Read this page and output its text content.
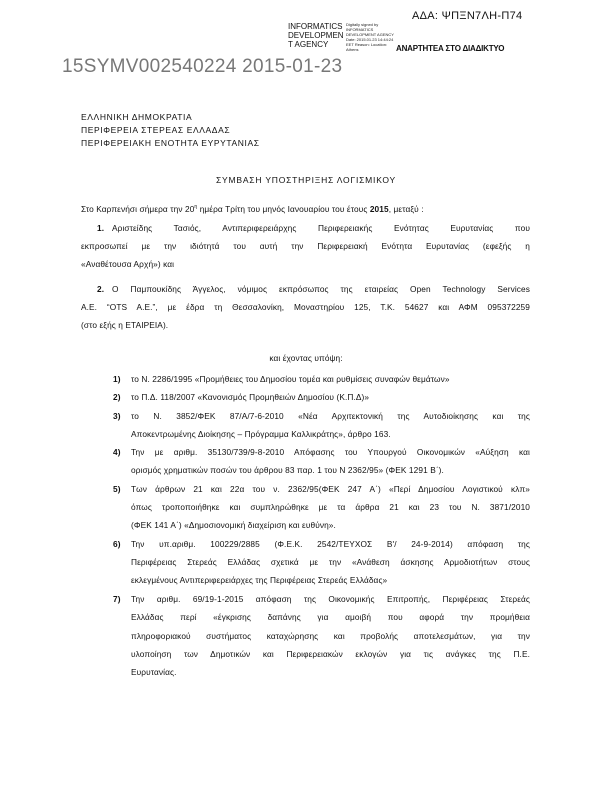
ΑΔΑ: ΨΠΞΝ7ΛΗ-Π74
INFORMATICS DEVELOPMEN T AGENCY
Digitally signed by INFORMATICS DEVELOPMENT AGENCY Date: 2015.01.23 14:44:24 EET Reason: Location: Athens	ΑΝΑΡΤΗΤΕΑ ΣΤΟ ΔΙΑΔΙΚΤΥΟ
15SYMV002540224 2015-01-23
ΕΛΛΗΝΙΚΗ ΔΗΜΟΚΡΑΤΙΑ
ΠΕΡΙΦΕΡΕΙΑ ΣΤΕΡΕΑΣ ΕΛΛΑΔΑΣ
ΠΕΡΙΦΕΡΕΙΑΚΗ ΕΝΟΤΗΤΑ ΕΥΡΥΤΑΝΙΑΣ
ΣΥΜΒΑΣΗ ΥΠΟΣΤΗΡΙΞΗΣ ΛΟΓΙΣΜΙΚΟΥ
Στο Καρπενήσι σήμερα την $20^\eta$ ημέρα Τρίτη του μηνός Ιανουαρίου του έτους 2015, μεταξύ :
και έχοντας υπόψη:
1. Αριστείδης Τασιός, Αντιπεριφερειάρχης Περιφερειακής Ενότητας Ευρυτανίας που
εκπροσωπεί με την ιδιότητά του αυτή την Περιφερειακή Ενότητα Ευρυτανίας (εφεξής η
«Αναθέτουσα Αρχή») και
2. Ο Παμπουκίδης Άγγελος, νόμιμος εκπρόσωπος της εταιρείας Open Technology Services
A.E. “OTS A.E.”, με έδρα τη Θεσσαλονίκη, Μοναστηρίου 125, Τ.Κ. 54627 και ΑΦΜ 095372259
(στο εξής η ΕΤΑΙΡΕΙΑ).
1) το Ν. 2286/1995 «Προμήθειες του Δημοσίου τομέα και ρυθμίσεις συναφών θεμάτων»
2) το Π.Δ. 118/2007 «Κανονισμός Προμηθειών Δημοσίου (Κ.Π.Δ)»
3) το Ν. 3852/ΦΕΚ 87/Α/7-6-2010 «Νέα Αρχιτεκτονική της Αυτοδιοίκησης και της
Αποκεντρωμένης Διοίκησης – Πρόγραμμα Καλλικράτης», άρθρο 163.
4) Την με αριθμ. 35130/739/9-8-2010 Απόφασης του Υπουργού Οικονομικών «Αύξηση και
ορισμός χρηματικών ποσών του άρθρου 83 παρ. 1 του Ν 2362/95» (ΦΕΚ 1291 Β΄).
5) Των άρθρων 21 και 22α του ν. 2362/95(ΦΕΚ 247 Α΄) «Περί Δημοσίου Λογιστικού κλπ»
όπως τροποποιήθηκε και συμπληρώθηκε με τα άρθρα 21 και 23 του Ν. 3871/2010
(ΦΕΚ 141 Α΄) «Δημοσιονομική διαχείριση και ευθύνη».
6) Την υπ.αριθμ. 100229/2885 (Φ.Ε.Κ. 2542/ΤΕΥΧΟΣ Β'/ 24-9-2014) απόφαση της
Περιφέρειας Στερεάς Ελλάδας σχετικά με την «Ανάθεση άσκησης Αρμοδιοτήτων στους
εκλεγμένους Αντιπεριφερειάρχες της Περιφέρειας Στερεάς Ελλάδας»
7) Την αριθμ. 69/19-1-2015 απόφαση της Οικονομικής Επιτροπής, Περιφέρειας Στερεάς
Ελλάδας περί «έγκρισης δαπάνης για αμοιβή που αφορά την προμήθεια
πληροφοριακού συστήματος καταχώρησης και προβολής αποτελεσμάτων, για την
υλοποίηση των Δημοτικών και Περιφερειακών εκλογών για τις ανάγκες της Π.Ε.
Ευρυτανίας.
